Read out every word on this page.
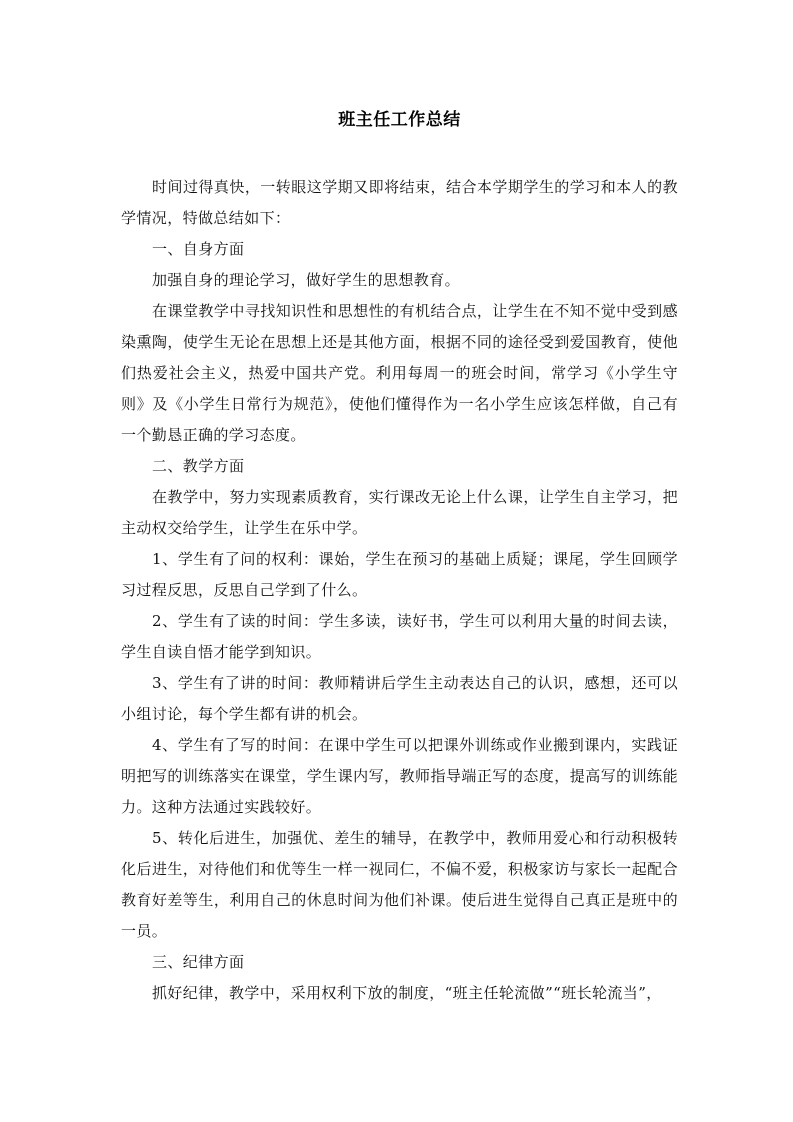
班主任工作总结

时间过得真快，一转眼这学期又即将结束，结合本学期学生的学习和本人的教学情况，特做总结如下：

一、自身方面

加强自身的理论学习，做好学生的思想教育。

在课堂教学中寻找知识性和思想性的有机结合点，让学生在不知不觉中受到感染熏陶，使学生无论在思想上还是其他方面，根据不同的途径受到爱国教育，使他们热爱社会主义，热爱中国共产党。利用每周一的班会时间，常学习《小学生守则》及《小学生日常行为规范》，使他们懂得作为一名小学生应该怎样做，自己有一个勤恳正确的学习态度。

二、教学方面

在教学中，努力实现素质教育，实行课改无论上什么课，让学生自主学习，把主动权交给学生，让学生在乐中学。

1、学生有了问的权利：课始，学生在预习的基础上质疑；课尾，学生回顾学习过程反思，反思自己学到了什么。

2、学生有了读的时间：学生多读，读好书，学生可以利用大量的时间去读，学生自读自悟才能学到知识。

3、学生有了讲的时间：教师精讲后学生主动表达自己的认识，感想，还可以小组讨论，每个学生都有讲的机会。

4、学生有了写的时间：在课中学生可以把课外训练或作业搬到课内，实践证明把写的训练落实在课堂，学生课内写，教师指导端正写的态度，提高写的训练能力。这种方法通过实践较好。

5、转化后进生，加强优、差生的辅导，在教学中，教师用爱心和行动积极转化后进生，对待他们和优等生一样一视同仁，不偏不爱，积极家访与家长一起配合教育好差等生，利用自己的休息时间为他们补课。使后进生觉得自己真正是班中的一员。

三、纪律方面

抓好纪律，教学中，采用权利下放的制度，“班主任轮流做”“班长轮流当”，
